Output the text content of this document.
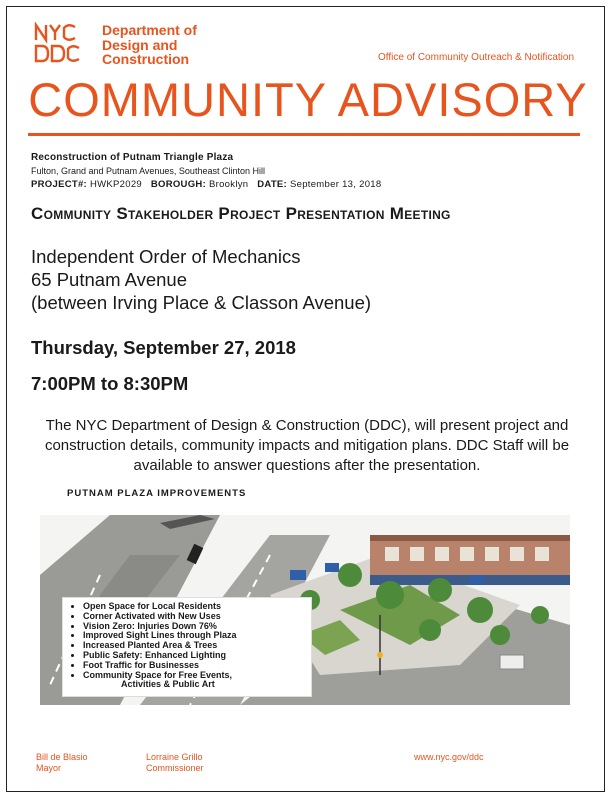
Department of
Design and
Construction	Office of Community Outreach & Notification
COMMUNITY ADVISORY
Reconstruction of Putnam Triangle Plaza
Fulton, Grand and Putnam Avenues, Southeast Clinton Hill
PROJECT#: HWKP2029 BOROUGH: Brooklyn DATE: September 13, 2018
Community Stakeholder Project Presentation Meeting
Independent Order of Mechanics
65 Putnam Avenue
(between Irving Place & Classon Avenue)
Thursday, September 27, 2018
7:00PM to 8:30PM
The NYC Department of Design & Construction (DDC), will present project and construction details, community impacts and mitigation plans. DDC Staff will be available to answer questions after the presentation.
PUTNAM PLAZA IMPROVEMENTS
• Open Space for Local Residents
• Corner Activated with New Uses
• Vision Zero: Injuries Down 76%
• Improved Sight Lines through Plaza
• Increased Planted Area & Trees
• Public Safety: Enhanced Lighting
• Foot Traffic for Businesses
• Community Space for Free Events,
Activities & Public Art
Bill de Blasio
Mayor
Lorraine Grillo
Commissioner
www.nyc.gov/ddc
